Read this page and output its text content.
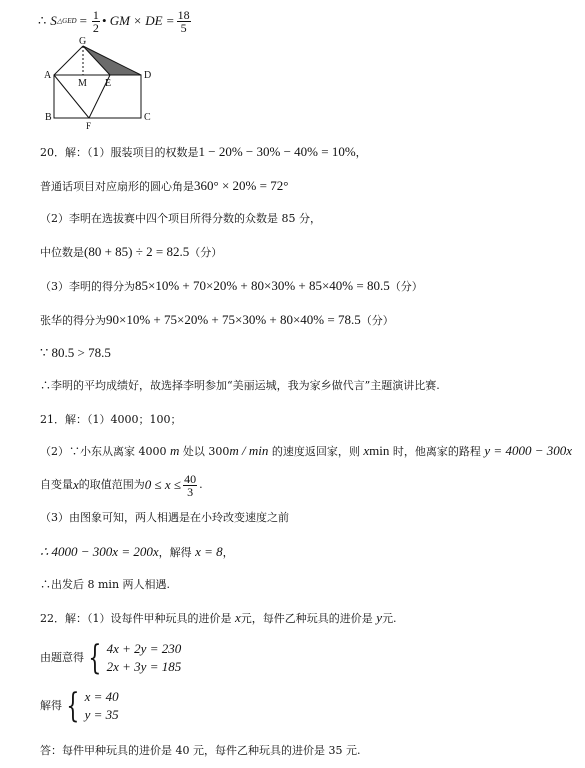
∴ S △GED = $\frac{1}{2}$ • GM × DE = $\frac{18}{5}$
G
A	D
M E
B	C
F
20．解：（1）服装项目的权数是1 − 20% − 30% − 40% = 10%，
普通话项目对应扇形的圆心角是360° × 20% = 72°
（2）李明在选拔赛中四个项目所得分数的众数是 85 分，
中位数是(80 + 85) ÷ 2 = 82.5（分）
（3）李明的得分为85×10% + 70×20% + 80×30% + 85×40% = 80.5（分）
张华的得分为90×10% + 75×20% + 75×30% + 80×40% = 78.5（分）
∵ 80.5 > 78.5
∴李明的平均成绩好，故选择李明参加“美丽运城，我为家乡做代言”主题演讲比赛.
21．解：（1）4000；100；
（2）∵小东从离家 4000 m 处以 300m / min 的速度返回家，则 xmin 时，他离家的路程 y = 4000 − 300x
自变量 x 的取值范围为 $0 \le x \le \frac{40}{3}$ .
（3）由图象可知，两人相遇是在小玲改变速度之前
∴ 4000 − 300x = 200x，解得 x = 8，
∴出发后 8 min 两人相遇.
22．解：（1）设每件甲种玩具的进价是 x元，每件乙种玩具的进价是 y元.
由题意得 { 4x + 2y = 230
2x + 3y = 185
解得 { x = 40
y = 35
答：每件甲种玩具的进价是 40 元，每件乙种玩具的进价是 35 元.
